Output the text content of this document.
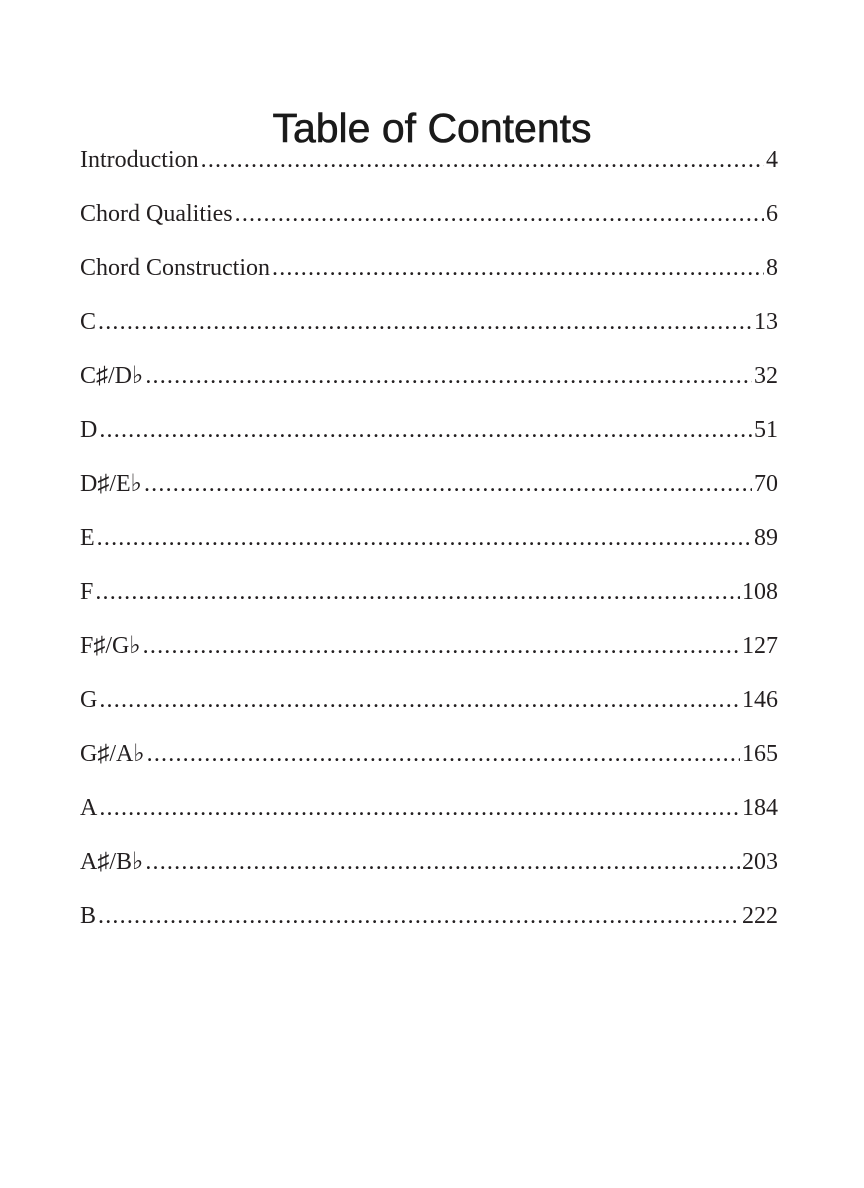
Table of Contents
Introduction .....	4
Chord Qualities .....	6
Chord Construction .....	8
C .....	13
C♯/D♭ .....	32
D .....	51
D♯/E♭ .....	70
E .....	89
F .....	108
F♯/G♭ .....	127
G .....	146
G♯/A♭ .....	165
A .....	184
A♯/B♭ .....	203
B .....	222
